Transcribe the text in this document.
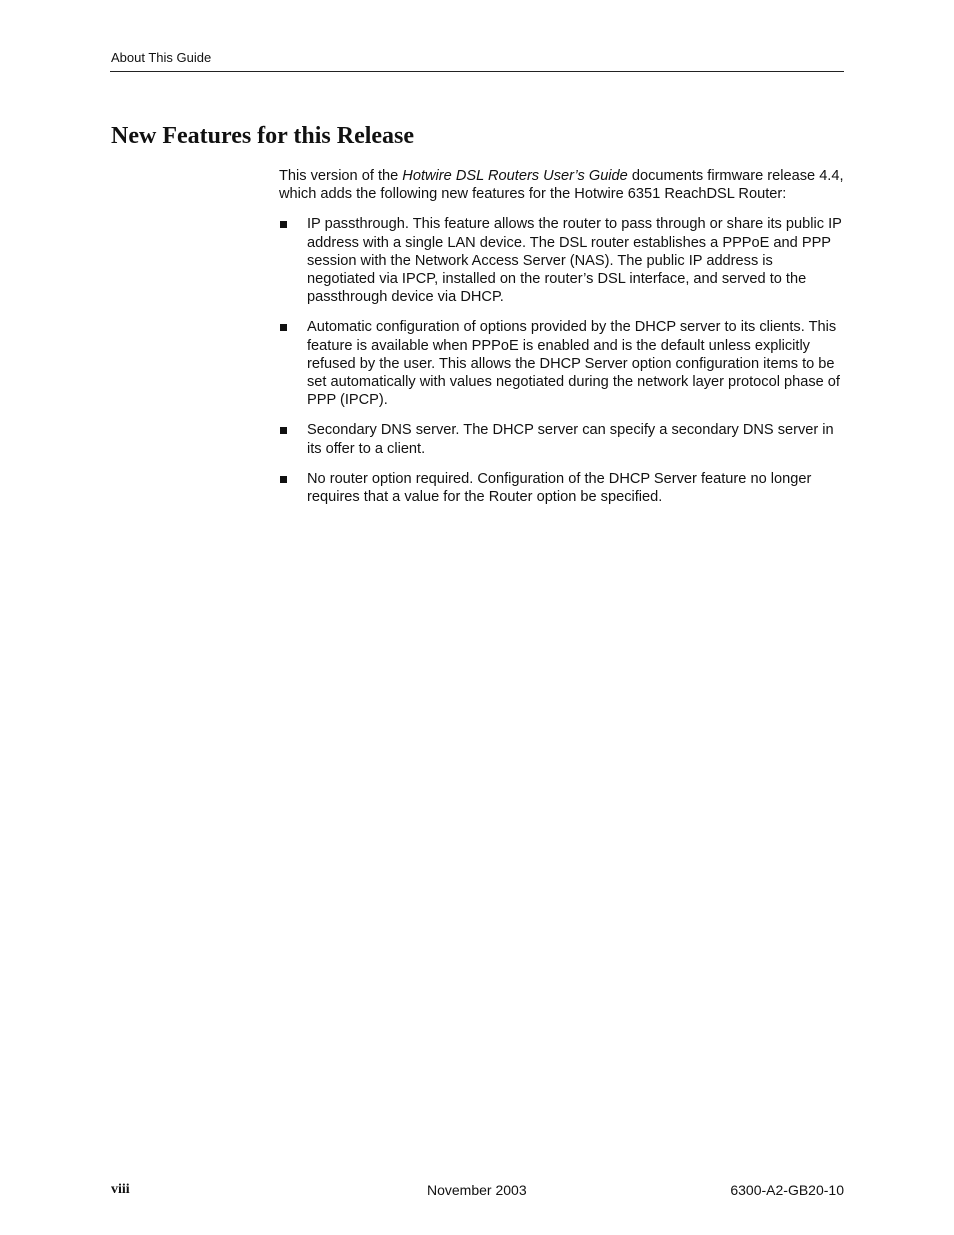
About This Guide
New Features for this Release

This version of the Hotwire DSL Routers User’s Guide documents firmware release 4.4, which adds the following new features for the Hotwire 6351 ReachDSL Router:

IP passthrough. This feature allows the router to pass through or share its public IP address with a single LAN device. The DSL router establishes a PPPoE and PPP session with the Network Access Server (NAS). The public IP address is negotiated via IPCP, installed on the router’s DSL interface, and served to the passthrough device via DHCP.
Automatic configuration of options provided by the DHCP server to its clients. This feature is available when PPPoE is enabled and is the default unless explicitly refused by the user. This allows the DHCP Server option configuration items to be set automatically with values negotiated during the network layer protocol phase of PPP (IPCP).
Secondary DNS server. The DHCP server can specify a secondary DNS server in its offer to a client.
No router option required. Configuration of the DHCP Server feature no longer requires that a value for the Router option be specified.
viii	November 2003	6300-A2-GB20-10
